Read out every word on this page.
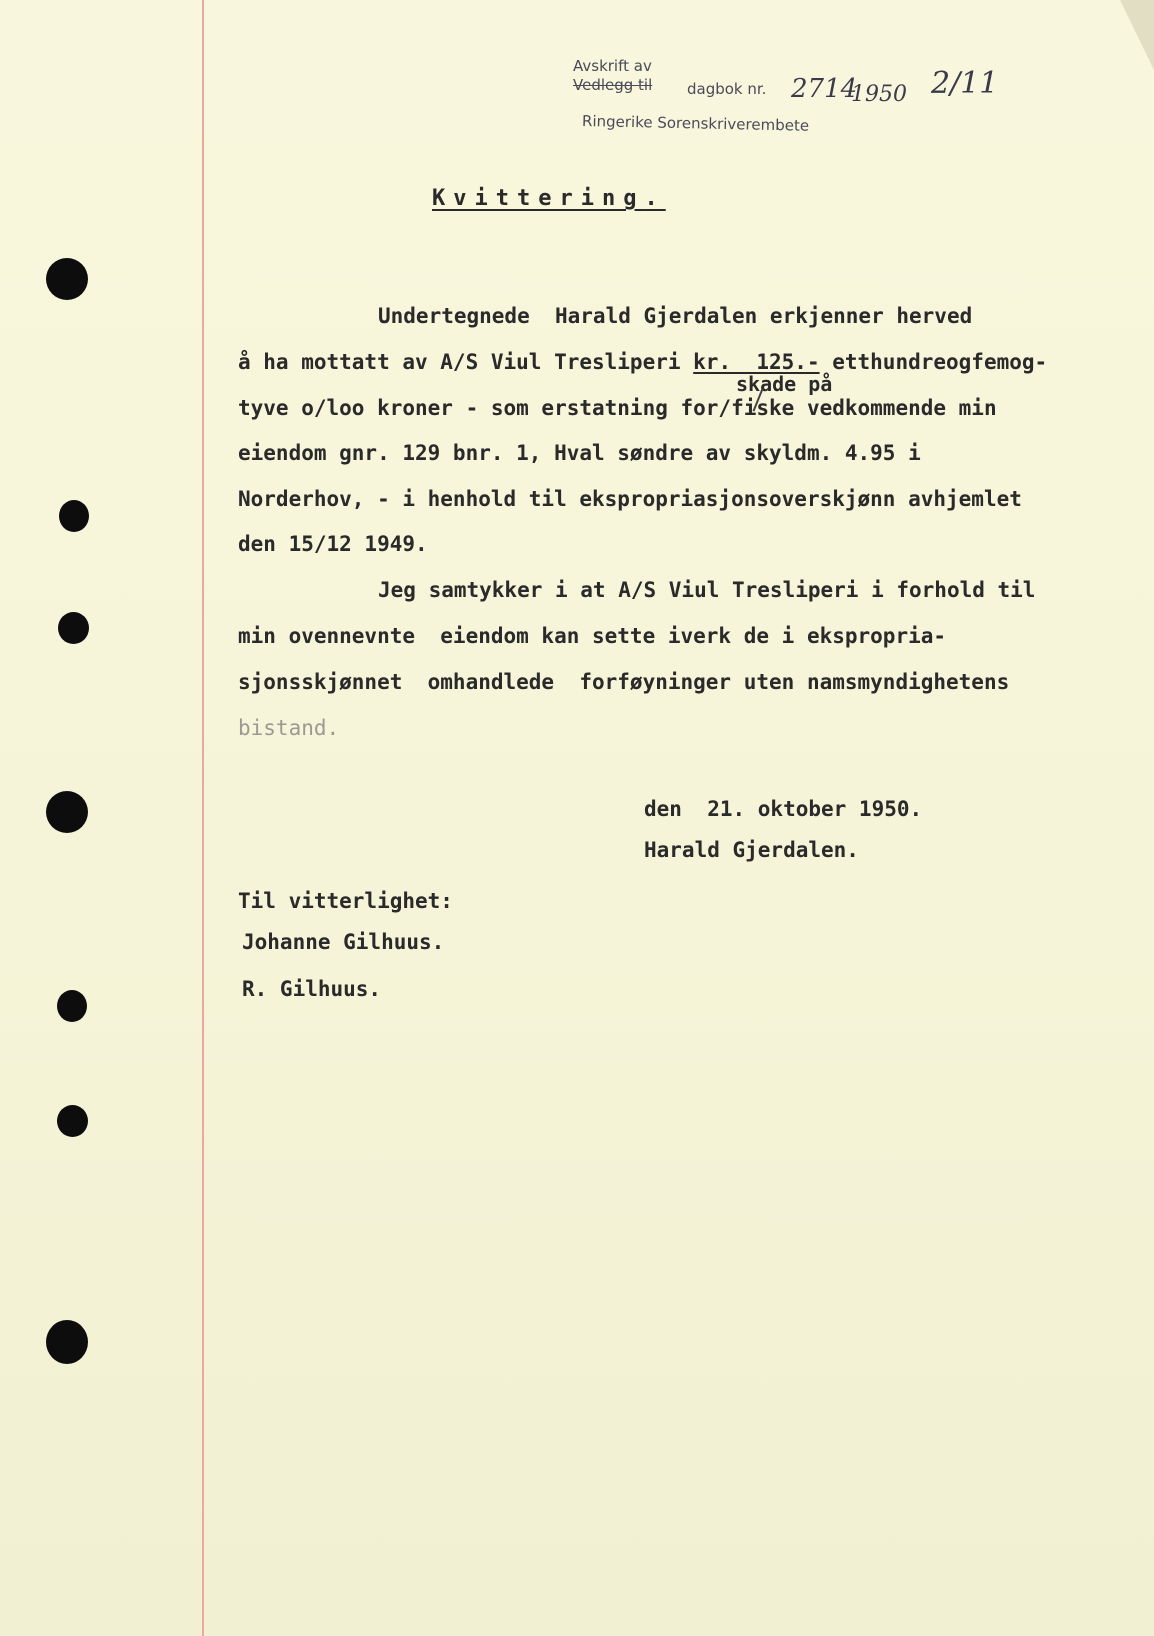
Avskrift av
Vedlegg til dagbok nr.
Ringerike Sorenskriverembete
2714
1950 2/11
Kvittering.
Undertegnede  Harald Gjerdalen erkjenner herved
å ha mottatt av A/S Viul Tresliperi kr.  125.- etthundreogfemog-
skade på
tyve o/loo kroner - som erstatning for/fiske vedkommende min
eiendom gnr. 129 bnr. 1, Hval søndre av skyldm. 4.95 i
Norderhov, - i henhold til ekspropriasjonsoverskjønn avhjemlet
den 15/12 1949.
Jeg samtykker i at A/S Viul Tresliperi i forhold til
min ovennevnte  eiendom kan sette iverk de i ekspropria-
sjonsskjønnet  omhandlede  forføyninger uten namsmyndighetens
bistand.
den  21. oktober 1950.
Harald Gjerdalen.
Til vitterlighet:
Johanne Gilhuus.
R. Gilhuus.
